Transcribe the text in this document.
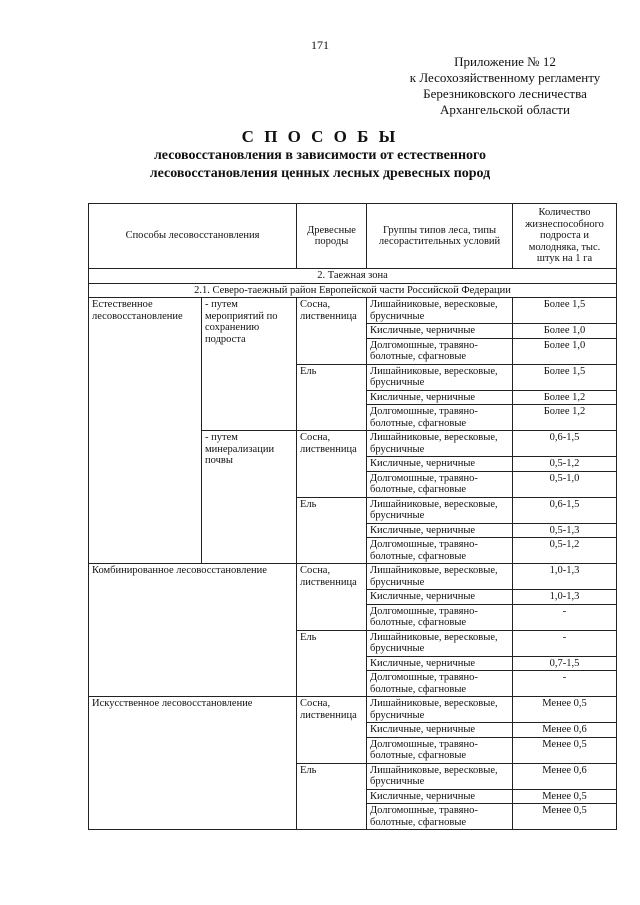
171
Приложение № 12
к Лесохозяйственному регламенту
Березниковского лесничества
Архангельской области
С П О С О Б Ы
лесовосстановления в зависимости от естественного
лесовосстановления ценных лесных древесных пород
Способы лесовосстановления		Древесные породы	Группы типов леса, типы лесорастительных условий	Количество жизнеспособного подроста и молодняка, тыс. штук на 1 га
2. Таежная зона				
2.1. Северо-таежный район Европейской части Российской Федерации				
Естественное лесовосстановление	- путем мероприятий по сохранению подроста	Сосна, лиственница	Лишайниковые, вересковые, брусничные	Более 1,5
			Кисличные, черничные	Более 1,0
			Долгомошные, травяно-болотные, сфагновые	Более 1,0
		Ель	Лишайниковые, вересковые, брусничные	Более 1,5
			Кисличные, черничные	Более 1,2
			Долгомошные, травяно-болотные, сфагновые	Более 1,2
	- путем минерализации почвы	Сосна, лиственница	Лишайниковые, вересковые, брусничные	0,6-1,5
			Кисличные, черничные	0,5-1,2
			Долгомошные, травяно-болотные, сфагновые	0,5-1,0
		Ель	Лишайниковые, вересковые, брусничные	0,6-1,5
			Кисличные, черничные	0,5-1,3
			Долгомошные, травяно-болотные, сфагновые	0,5-1,2
Комбинированное лесовосстановление		Сосна, лиственница	Лишайниковые, вересковые, брусничные	1,0-1,3
			Кисличные, черничные	1,0-1,3
			Долгомошные, травяно-болотные, сфагновые	-
		Ель	Лишайниковые, вересковые, брусничные	-
			Кисличные, черничные	0,7-1,5
			Долгомошные, травяно-болотные, сфагновые	-
Искусственное лесовосстановление		Сосна, лиственница	Лишайниковые, вересковые, брусничные	Менее 0,5
			Кисличные, черничные	Менее 0,6
			Долгомошные, травяно-болотные, сфагновые	Менее 0,5
		Ель	Лишайниковые, вересковые, брусничные	Менее 0,6
			Кисличные, черничные	Менее 0,5
			Долгомошные, травяно-болотные, сфагновые	Менее 0,5
